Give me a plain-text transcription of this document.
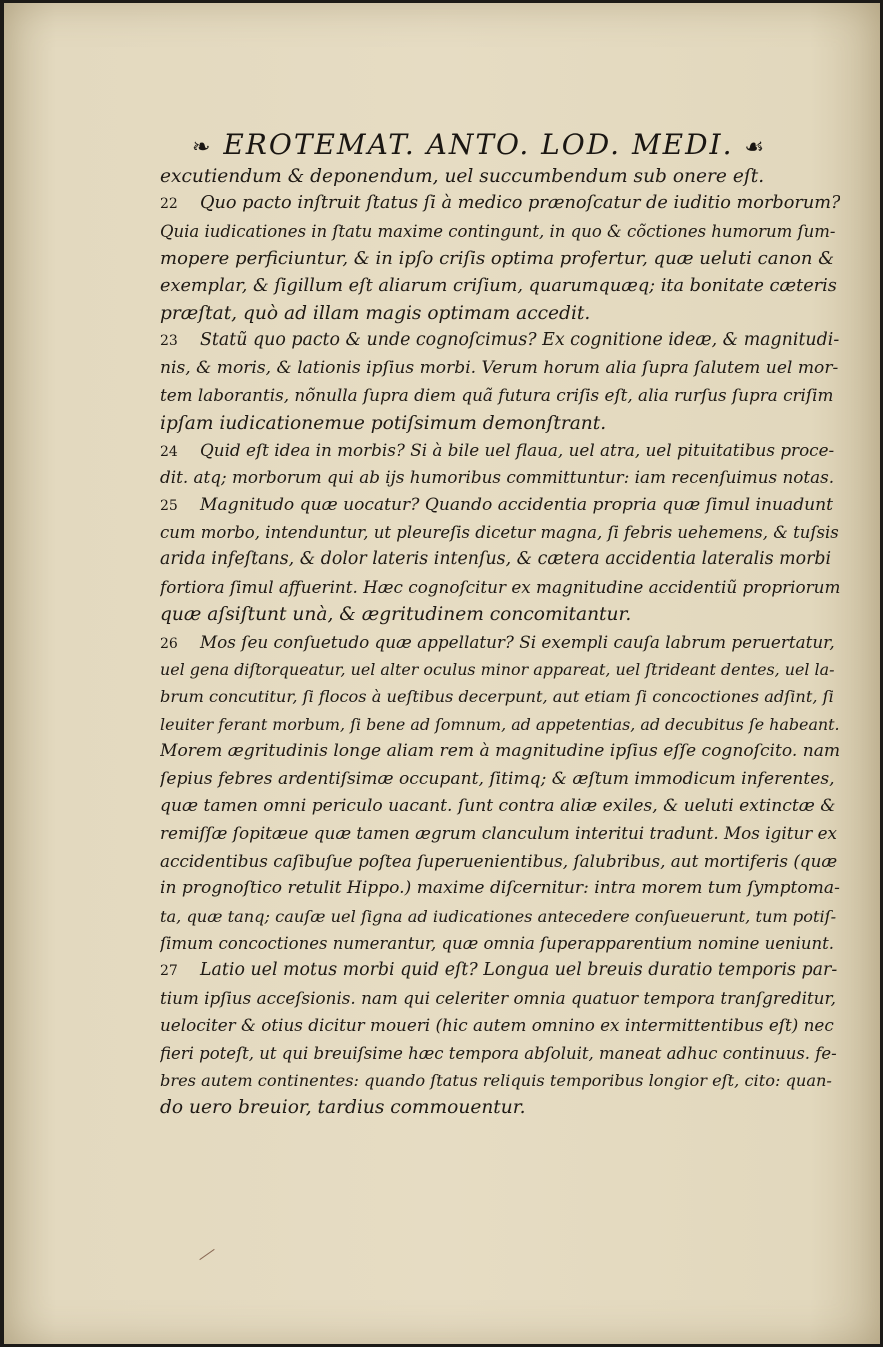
❧ EROTEMAT. ANTO. LOD. MEDI. ☙
excutiendum & deponendum, uel succumbendum sub onere eſt.
22 Quo pacto inſtruit ſtatus ſi à medico prænoſcatur de iuditio morborum?
Quia iudicationes in ſtatu maxime contingunt, in quo & cõctiones humorum ſum-
mopere perficiuntur, & in ipſo criſis optima profertur, quæ ueluti canon &
exemplar, & ſigillum eſt aliarum criſium, quarumquæq; ita bonitate cæteris
præſtat, quò ad illam magis optimam accedit.
23 Statũ quo pacto & unde cognoſcimus? Ex cognitione ideæ, & magnitudi-
nis, & moris, & lationis ipſius morbi. Verum horum alia ſupra ſalutem uel mor-
tem laborantis, nõnulla ſupra diem quã futura criſis eſt, alia rurſus ſupra criſim
ipſam iudicationemue potiſsimum demonſtrant.
24 Quid eſt idea in morbis? Si à bile uel flaua, uel atra, uel pituitatibus proce-
dit. atq; morborum qui ab ijs humoribus committuntur: iam recenſuimus notas.
25 Magnitudo quæ uocatur? Quando accidentia propria quæ ſimul inuadunt
cum morbo, intenduntur, ut pleureſis dicetur magna, ſi febris uehemens, & tuſsis
arida infeſtans, & dolor lateris intenſus, & cætera accidentia lateralis morbi
fortiora ſimul affuerint. Hæc cognoſcitur ex magnitudine accidentiũ propriorum
quæ aſsiſtunt unà, & ægritudinem concomitantur.
26 Mos ſeu conſuetudo quæ appellatur? Si exempli cauſa labrum peruertatur,
uel gena diſtorqueatur, uel alter oculus minor appareat, uel ſtrideant dentes, uel la-
brum concutitur, ſi flocos à ueſtibus decerpunt, aut etiam ſi concoctiones adſint, ſi
leuiter ferant morbum, ſi bene ad ſomnum, ad appetentias, ad decubitus ſe habeant.
Morem ægritudinis longe aliam rem à magnitudine ipſius eſſe cognoſcito. nam
ſepius febres ardentiſsimæ occupant, ſitimq; & æſtum immodicum inferentes,
quæ tamen omni periculo uacant. ſunt contra aliæ exiles, & ueluti extinctæ &
remiſſæ ſopitæue quæ tamen ægrum clanculum interitui tradunt. Mos igitur ex
accidentibus caſibuſue poſtea ſuperuenientibus, ſalubribus, aut mortiferis (quæ
in prognoſtico retulit Hippo.) maxime diſcernitur: intra morem tum ſymptoma-
ta, quæ tanq; cauſæ uel ſigna ad iudicationes antecedere conſueuerunt, tum potiſ-
ſimum concoctiones numerantur, quæ omnia ſuperapparentium nomine ueniunt.
27 Latio uel motus morbi quid eſt? Longua uel breuis duratio temporis par-
tium ipſius acceſsionis. nam qui celeriter omnia quatuor tempora tranſgreditur,
uelociter & otius dicitur moueri (hic autem omnino ex intermittentibus eſt) nec
fieri poteſt, ut qui breuiſsime hæc tempora abſoluit, maneat adhuc continuus. fe-
bres autem continentes: quando ſtatus reliquis temporibus longior eſt, cito: quan-
do uero breuior, tardius commouentur.
